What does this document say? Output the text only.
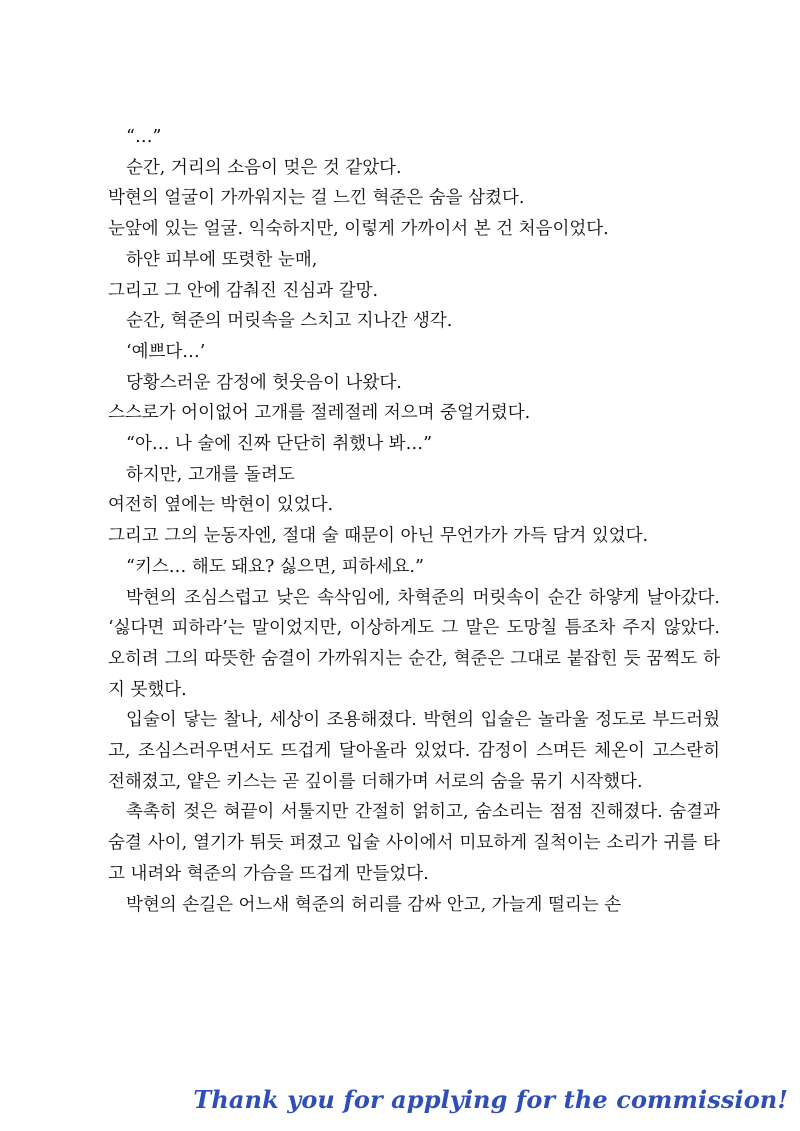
“…”

순간, 거리의 소음이 멎은 것 같았다.

박현의 얼굴이 가까워지는 걸 느낀 혁준은 숨을 삼켰다.

눈앞에 있는 얼굴. 익숙하지만, 이렇게 가까이서 본 건 처음이었다.

하얀 피부에 또렷한 눈매,

그리고 그 안에 감춰진 진심과 갈망.

순간, 혁준의 머릿속을 스치고 지나간 생각.

‘예쁘다…’

당황스러운 감정에 헛웃음이 나왔다.

스스로가 어이없어 고개를 절레절레 저으며 중얼거렸다.

“아… 나 술에 진짜 단단히 취했나 봐…”

하지만, 고개를 돌려도

여전히 옆에는 박현이 있었다.

그리고 그의 눈동자엔, 절대 술 때문이 아닌 무언가가 가득 담겨 있었다.

“키스… 해도 돼요? 싫으면, 피하세요.”

박현의 조심스럽고 낮은 속삭임에, 차혁준의 머릿속이 순간 하얗게 날아갔다. ‘싫다면 피하라’는 말이었지만, 이상하게도 그 말은 도망칠 틈조차 주지 않았다. 오히려 그의 따뜻한 숨결이 가까워지는 순간, 혁준은 그대로 붙잡힌 듯 꿈쩍도 하지 못했다.

입술이 닿는 찰나, 세상이 조용해졌다. 박현의 입술은 놀라울 정도로 부드러웠고, 조심스러우면서도 뜨겁게 달아올라 있었다. 감정이 스며든 체온이 고스란히 전해졌고, 얕은 키스는 곧 깊이를 더해가며 서로의 숨을 묶기 시작했다.

촉촉히 젖은 혀끝이 서툴지만 간절히 얽히고, 숨소리는 점점 진해졌다. 숨결과 숨결 사이, 열기가 튀듯 퍼졌고 입술 사이에서 미묘하게 질척이는 소리가 귀를 타고 내려와 혁준의 가슴을 뜨겁게 만들었다.

박현의 손길은 어느새 혁준의 허리를 감싸 안고, 가늘게 떨리는 손

Thank you for applying for the commission!
